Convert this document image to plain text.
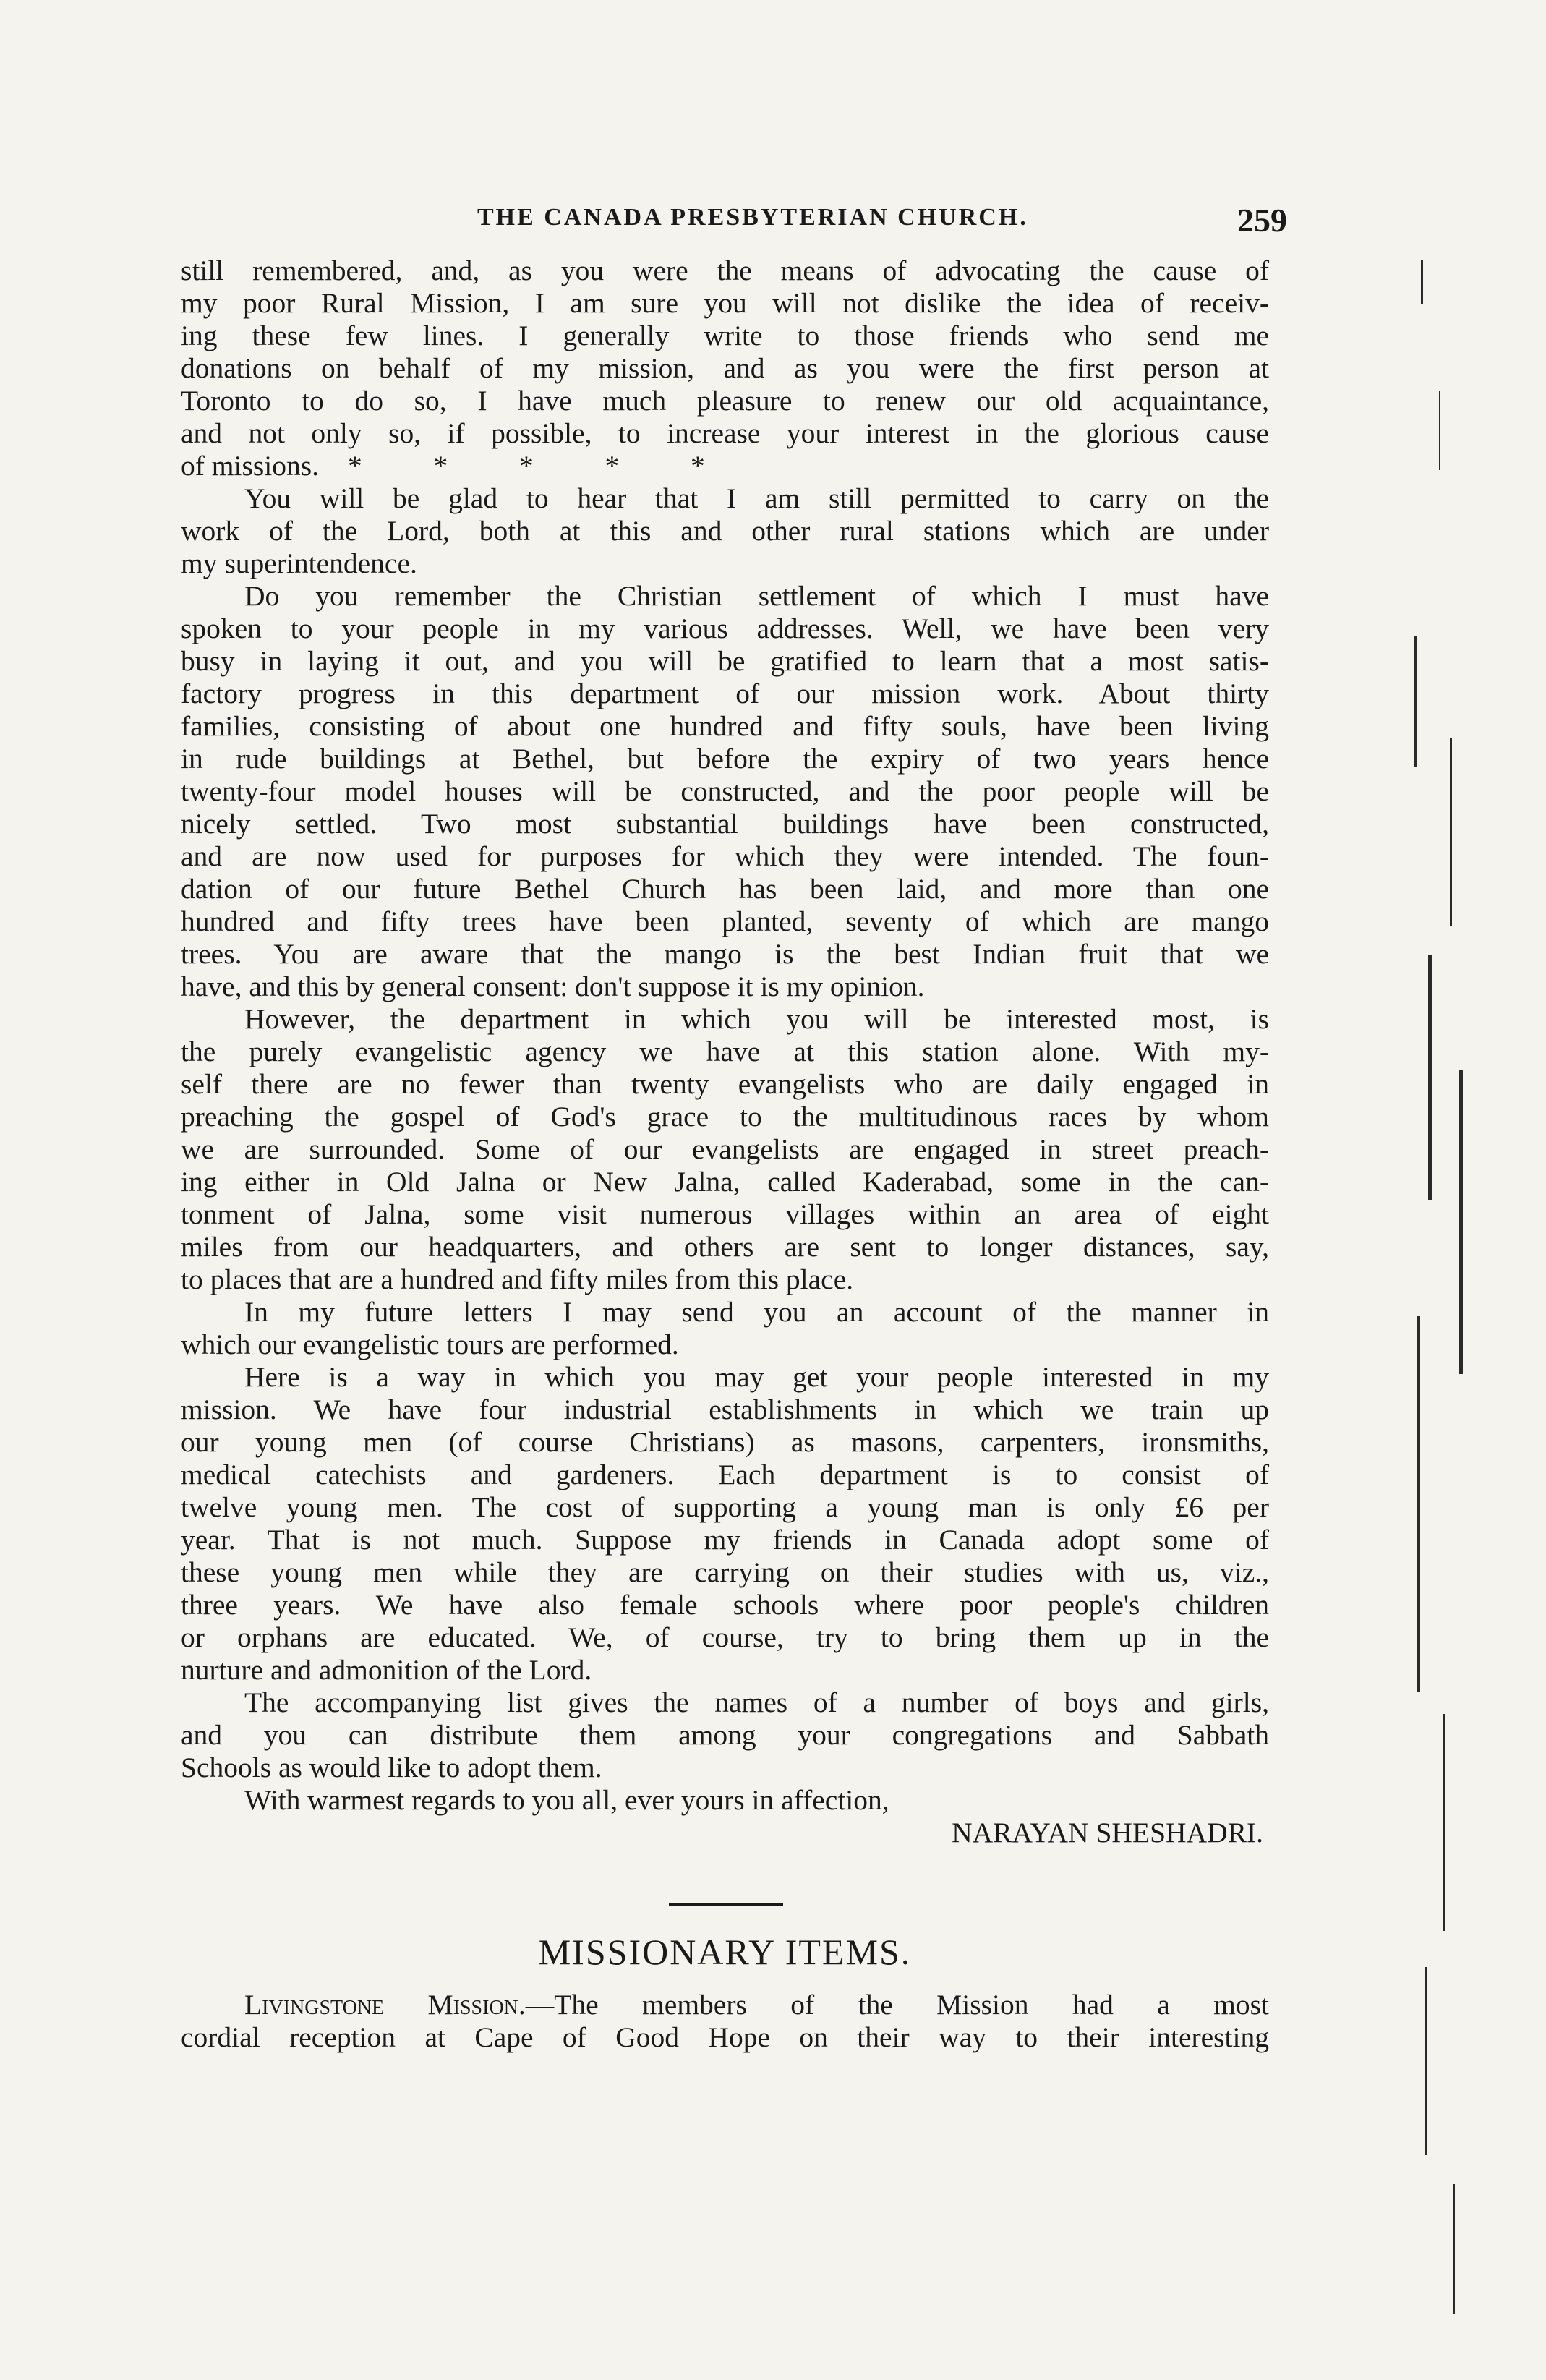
THE CANADA PRESBYTERIAN CHURCH.	259
still remembered, and, as you were the means of advocating the cause of
my poor Rural Mission, I am sure you will not dislike the idea of receiv-
ing these few lines. I generally write to those friends who send me
donations on behalf of my mission, and as you were the first person at
Toronto to do so, I have much pleasure to renew our old acquaintance,
and not only so, if possible, to increase your interest in the glorious cause
of missions. *          *          *          *          *
You will be glad to hear that I am still permitted to carry on the
work of the Lord, both at this and other rural stations which are under
my superintendence.
Do you remember the Christian settlement of which I must have
spoken to your people in my various addresses. Well, we have been very
busy in laying it out, and you will be gratified to learn that a most satis-
factory progress in this department of our mission work. About thirty
families, consisting of about one hundred and fifty souls, have been living
in rude buildings at Bethel, but before the expiry of two years hence
twenty-four model houses will be constructed, and the poor people will be
nicely settled. Two most substantial buildings have been constructed,
and are now used for purposes for which they were intended. The foun-
dation of our future Bethel Church has been laid, and more than one
hundred and fifty trees have been planted, seventy of which are mango
trees. You are aware that the mango is the best Indian fruit that we
have, and this by general consent: don't suppose it is my opinion.
However, the department in which you will be interested most, is
the purely evangelistic agency we have at this station alone. With my-
self there are no fewer than twenty evangelists who are daily engaged in
preaching the gospel of God's grace to the multitudinous races by whom
we are surrounded. Some of our evangelists are engaged in street preach-
ing either in Old Jalna or New Jalna, called Kaderabad, some in the can-
tonment of Jalna, some visit numerous villages within an area of eight
miles from our headquarters, and others are sent to longer distances, say,
to places that are a hundred and fifty miles from this place.
In my future letters I may send you an account of the manner in
which our evangelistic tours are performed.
Here is a way in which you may get your people interested in my
mission. We have four industrial establishments in which we train up
our young men (of course Christians) as masons, carpenters, ironsmiths,
medical catechists and gardeners. Each department is to consist of
twelve young men. The cost of supporting a young man is only £6 per
year. That is not much. Suppose my friends in Canada adopt some of
these young men while they are carrying on their studies with us, viz.,
three years. We have also female schools where poor people's children
or orphans are educated. We, of course, try to bring them up in the
nurture and admonition of the Lord.
The accompanying list gives the names of a number of boys and girls,
and you can distribute them among your congregations and Sabbath
Schools as would like to adopt them.
With warmest regards to you all, ever yours in affection,
NARAYAN SHESHADRI.
MISSIONARY ITEMS.
Livingstone Mission.—The members of the Mission had a most
cordial reception at Cape of Good Hope on their way to their interesting
